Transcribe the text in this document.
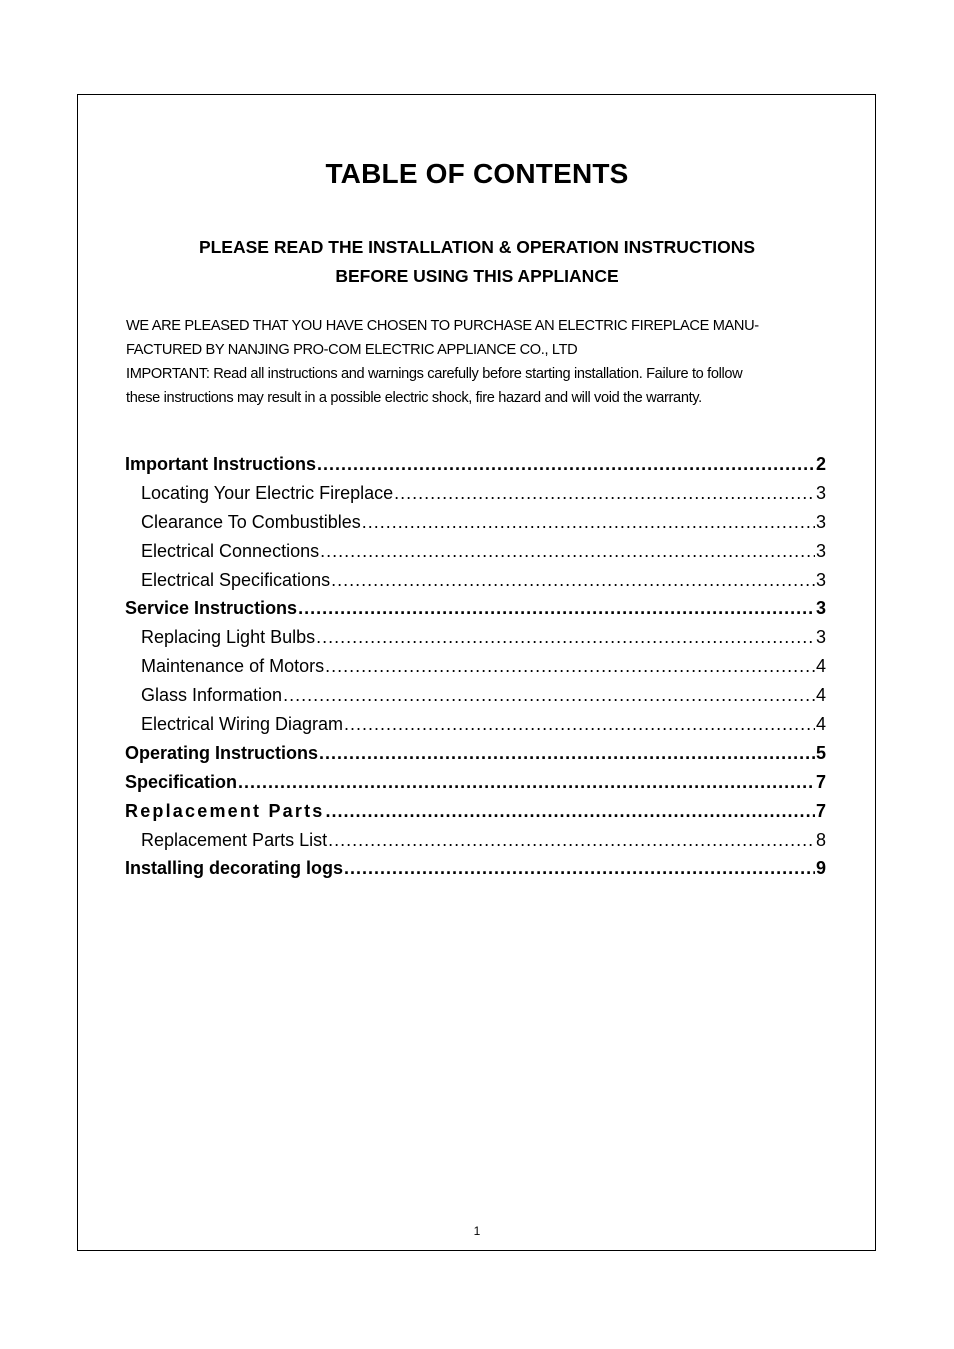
TABLE OF CONTENTS
PLEASE READ THE INSTALLATION & OPERATION INSTRUCTIONS
BEFORE USING THIS APPLIANCE
WE ARE PLEASED THAT YOU HAVE CHOSEN TO PURCHASE AN ELECTRIC FIREPLACE MANU-
FACTURED BY NANJING PRO-COM ELECTRIC APPLIANCE CO., LTD
IMPORTANT: Read all instructions and warnings carefully before starting installation. Failure to follow
these instructions may result in a possible electric shock, fire hazard and will void the warranty.
Important Instructions .....	2
Locating Your Electric Fireplace .....	3
Clearance To Combustibles .....	3
Electrical Connections .....	3
Electrical Specifications .....	3
Service Instructions .....	3
Replacing Light Bulbs .....	3
Maintenance of Motors .....	4
Glass Information .....	4
Electrical Wiring Diagram .....	4
Operating Instructions .....	5
Specification .....	7
Replacement Parts .....	7
Replacement Parts List .....	8
Installing decorating logs .....	9
1
